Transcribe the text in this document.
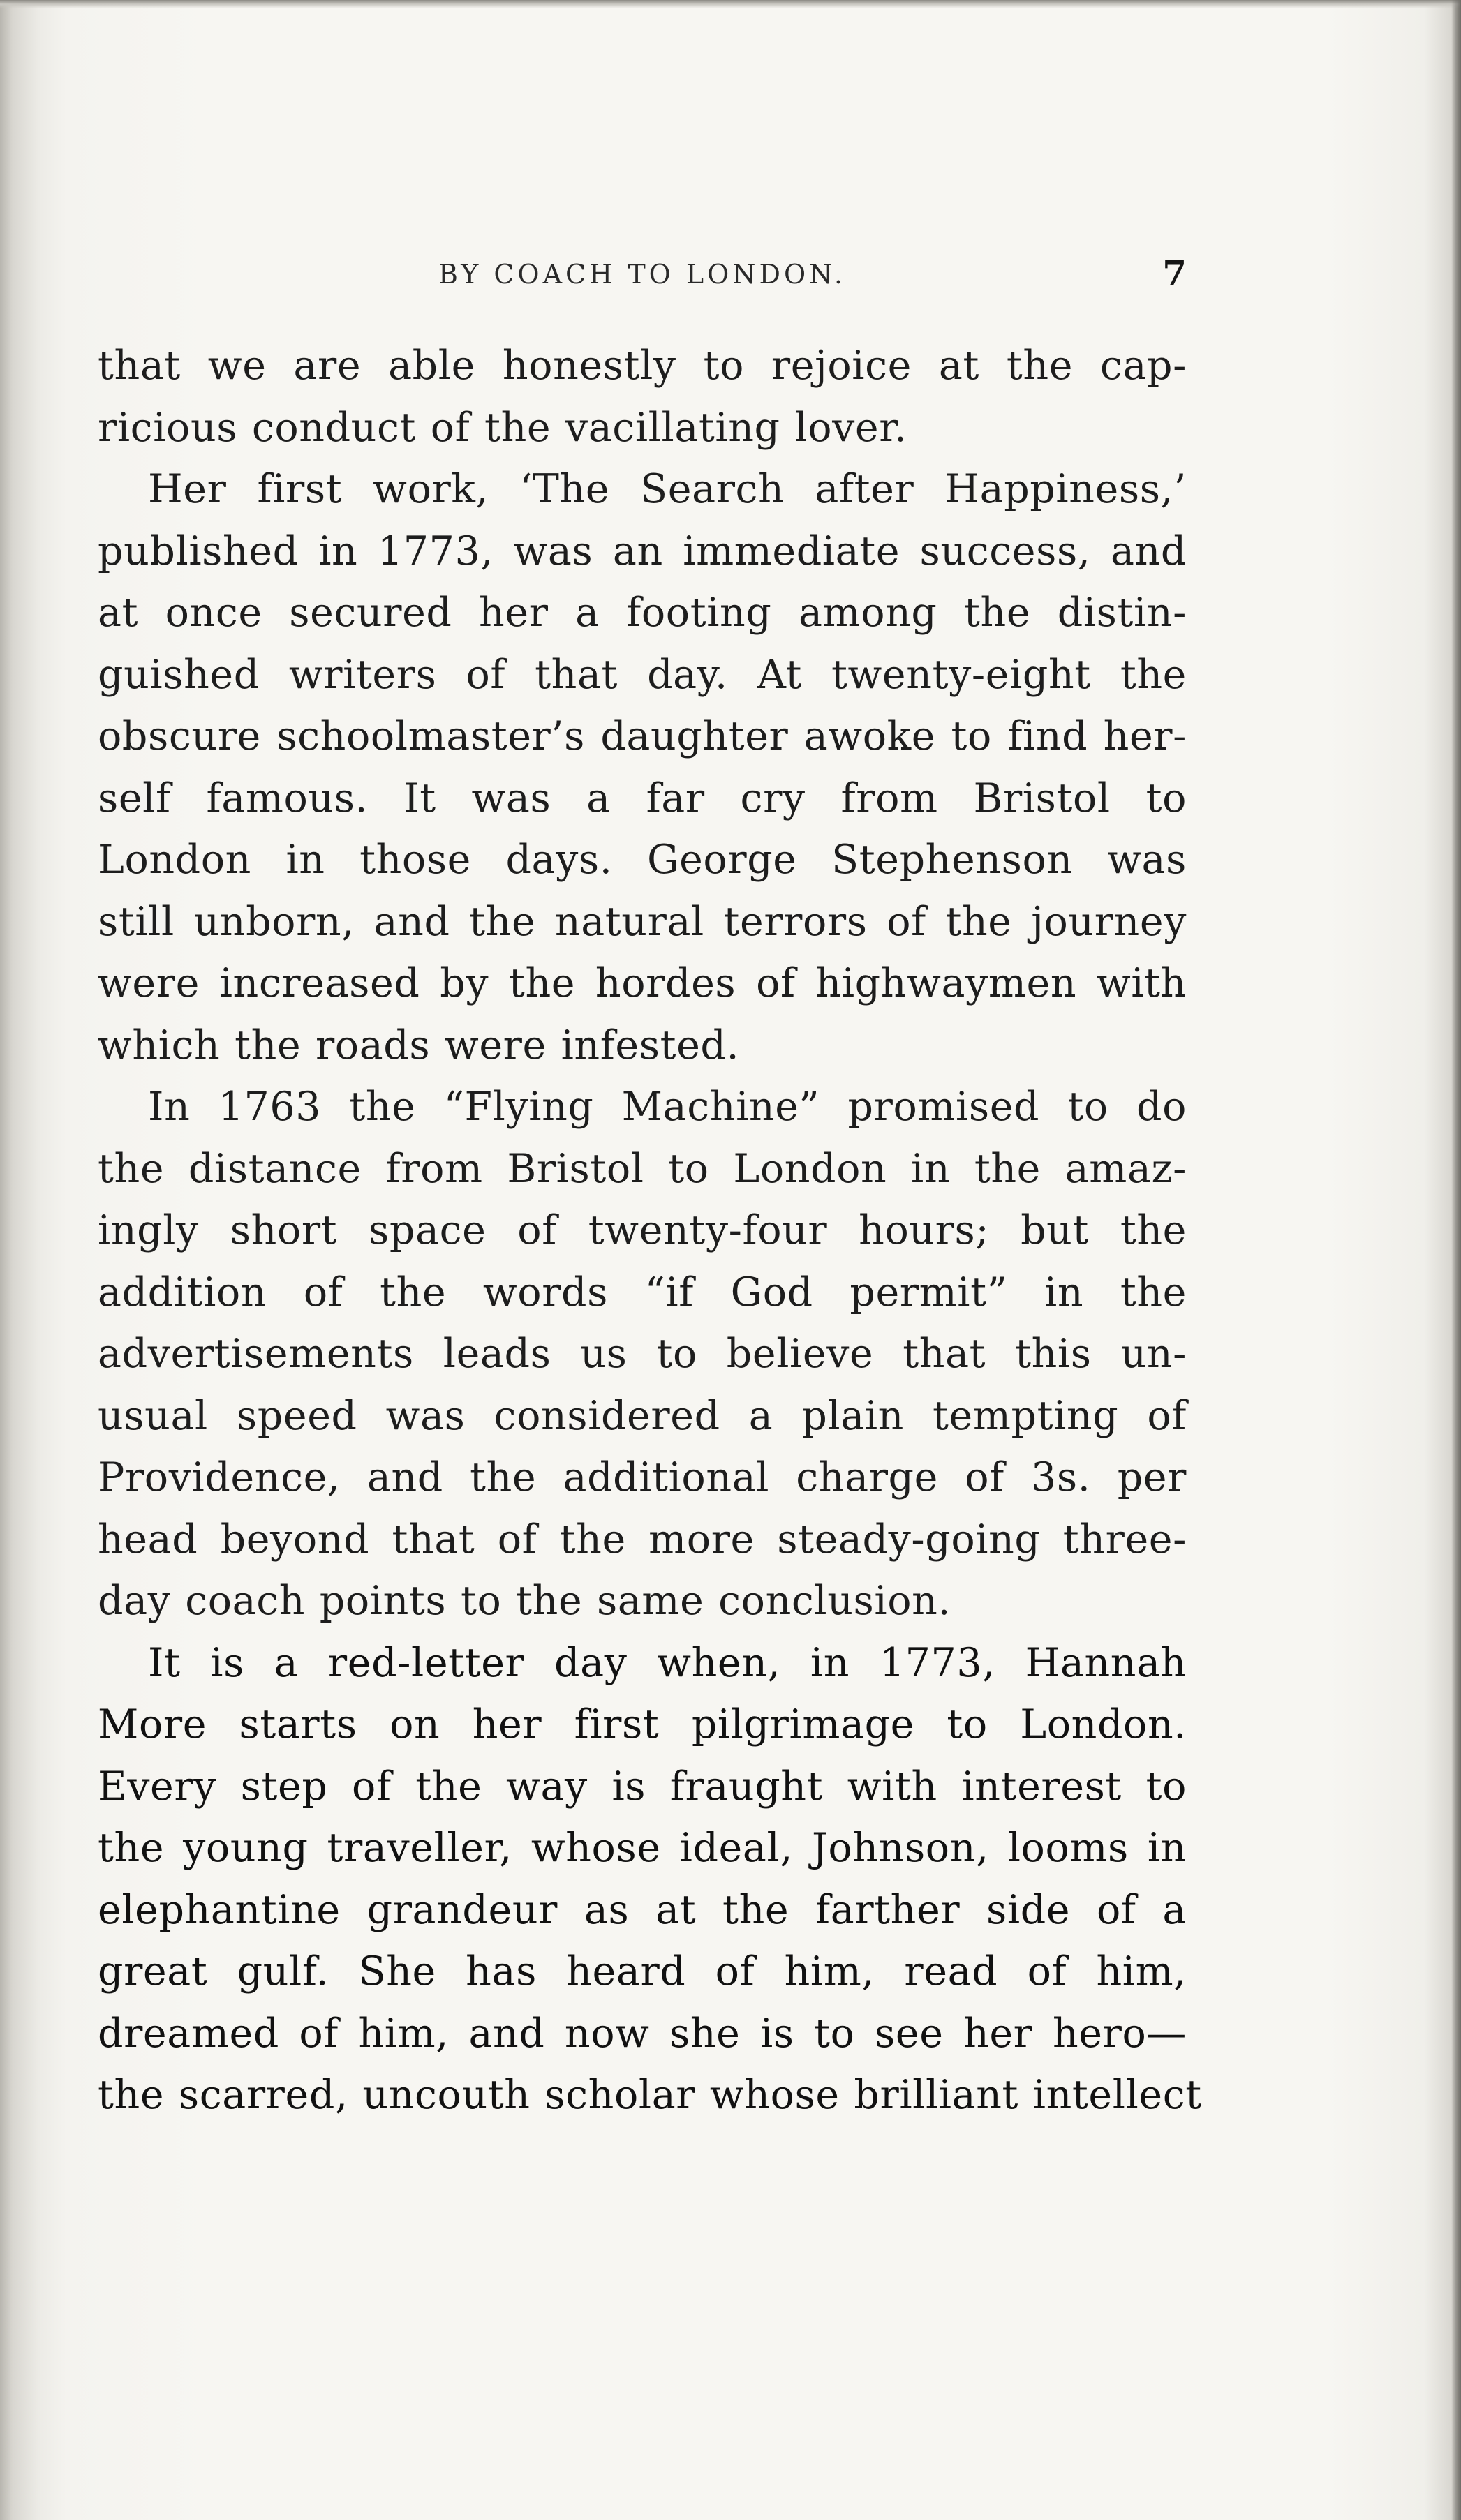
BY COACH TO LONDON.	7

that we are able honestly to rejoice at the cap-
ricious conduct of the vacillating lover.

Her first work, ‘The Search after Happiness,’
published in 1773, was an immediate success, and
at once secured her a footing among the distin-
guished writers of that day. At twenty-eight the
obscure schoolmaster’s daughter awoke to find her-
self famous. It was a far cry from Bristol to
London in those days. George Stephenson was
still unborn, and the natural terrors of the journey
were increased by the hordes of highwaymen with
which the roads were infested.

In 1763 the “Flying Machine” promised to do
the distance from Bristol to London in the amaz-
ingly short space of twenty-four hours; but the
addition of the words “if God permit” in the
advertisements leads us to believe that this un-
usual speed was considered a plain tempting of
Providence, and the additional charge of 3s. per
head beyond that of the more steady-going three-
day coach points to the same conclusion.

It is a red-letter day when, in 1773, Hannah
More starts on her first pilgrimage to London.
Every step of the way is fraught with interest to
the young traveller, whose ideal, Johnson, looms in
elephantine grandeur as at the farther side of a
great gulf. She has heard of him, read of him,
dreamed of him, and now she is to see her hero—
the scarred, uncouth scholar whose brilliant intellect
